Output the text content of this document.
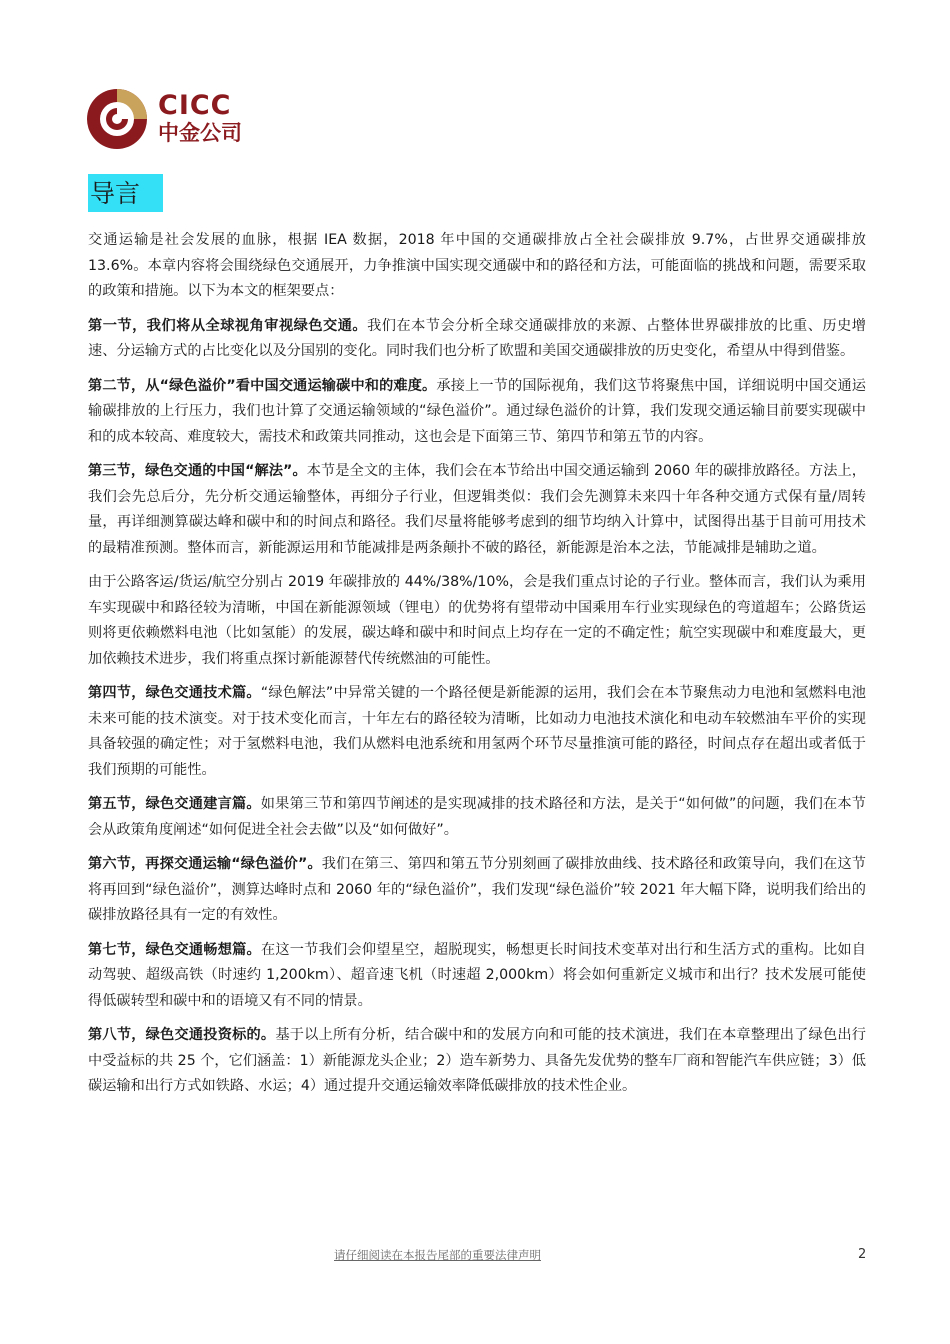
CICC
中金公司
导言

交通运输是社会发展的血脉，根据 IEA 数据，2018 年中国的交通碳排放占全社会碳排放 9.7%，占世界交通碳排放 13.6%。本章内容将会围绕绿色交通展开，力争推演中国实现交通碳中和的路径和方法，可能面临的挑战和问题，需要采取的政策和措施。以下为本文的框架要点：

第一节，我们将从全球视角审视绿色交通。我们在本节会分析全球交通碳排放的来源、占整体世界碳排放的比重、历史增速、分运输方式的占比变化以及分国别的变化。同时我们也分析了欧盟和美国交通碳排放的历史变化，希望从中得到借鉴。

第二节，从“绿色溢价”看中国交通运输碳中和的难度。承接上一节的国际视角，我们这节将聚焦中国，详细说明中国交通运输碳排放的上行压力，我们也计算了交通运输领域的“绿色溢价”。通过绿色溢价的计算，我们发现交通运输目前要实现碳中和的成本较高、难度较大，需技术和政策共同推动，这也会是下面第三节、第四节和第五节的内容。

第三节，绿色交通的中国“解法”。本节是全文的主体，我们会在本节给出中国交通运输到 2060 年的碳排放路径。方法上，我们会先总后分，先分析交通运输整体，再细分子行业，但逻辑类似：我们会先测算未来四十年各种交通方式保有量/周转量，再详细测算碳达峰和碳中和的时间点和路径。我们尽量将能够考虑到的细节均纳入计算中，试图得出基于目前可用技术的最精准预测。整体而言，新能源运用和节能减排是两条颠扑不破的路径，新能源是治本之法，节能减排是辅助之道。

由于公路客运/货运/航空分别占 2019 年碳排放的 44%/38%/10%，会是我们重点讨论的子行业。整体而言，我们认为乘用车实现碳中和路径较为清晰，中国在新能源领域（锂电）的优势将有望带动中国乘用车行业实现绿色的弯道超车；公路货运则将更依赖燃料电池（比如氢能）的发展，碳达峰和碳中和时间点上均存在一定的不确定性；航空实现碳中和难度最大，更加依赖技术进步，我们将重点探讨新能源替代传统燃油的可能性。

第四节，绿色交通技术篇。“绿色解法”中异常关键的一个路径便是新能源的运用，我们会在本节聚焦动力电池和氢燃料电池未来可能的技术演变。对于技术变化而言，十年左右的路径较为清晰，比如动力电池技术演化和电动车较燃油车平价的实现具备较强的确定性；对于氢燃料电池，我们从燃料电池系统和用氢两个环节尽量推演可能的路径，时间点存在超出或者低于我们预期的可能性。

第五节，绿色交通建言篇。如果第三节和第四节阐述的是实现减排的技术路径和方法，是关于“如何做”的问题，我们在本节会从政策角度阐述“如何促进全社会去做”以及“如何做好”。

第六节，再探交通运输“绿色溢价”。我们在第三、第四和第五节分别刻画了碳排放曲线、技术路径和政策导向，我们在这节将再回到“绿色溢价”，测算达峰时点和 2060 年的“绿色溢价”，我们发现“绿色溢价”较 2021 年大幅下降，说明我们给出的碳排放路径具有一定的有效性。

第七节，绿色交通畅想篇。在这一节我们会仰望星空，超脱现实，畅想更长时间技术变革对出行和生活方式的重构。比如自动驾驶、超级高铁（时速约 1,200km）、超音速飞机（时速超 2,000km）将会如何重新定义城市和出行？技术发展可能使得低碳转型和碳中和的语境又有不同的情景。

第八节，绿色交通投资标的。基于以上所有分析，结合碳中和的发展方向和可能的技术演进，我们在本章整理出了绿色出行中受益标的共 25 个，它们涵盖：1）新能源龙头企业；2）造车新势力、具备先发优势的整车厂商和智能汽车供应链；3）低碳运输和出行方式如铁路、水运；4）通过提升交通运输效率降低碳排放的技术性企业。

请仔细阅读在本报告尾部的重要法律声明	2
